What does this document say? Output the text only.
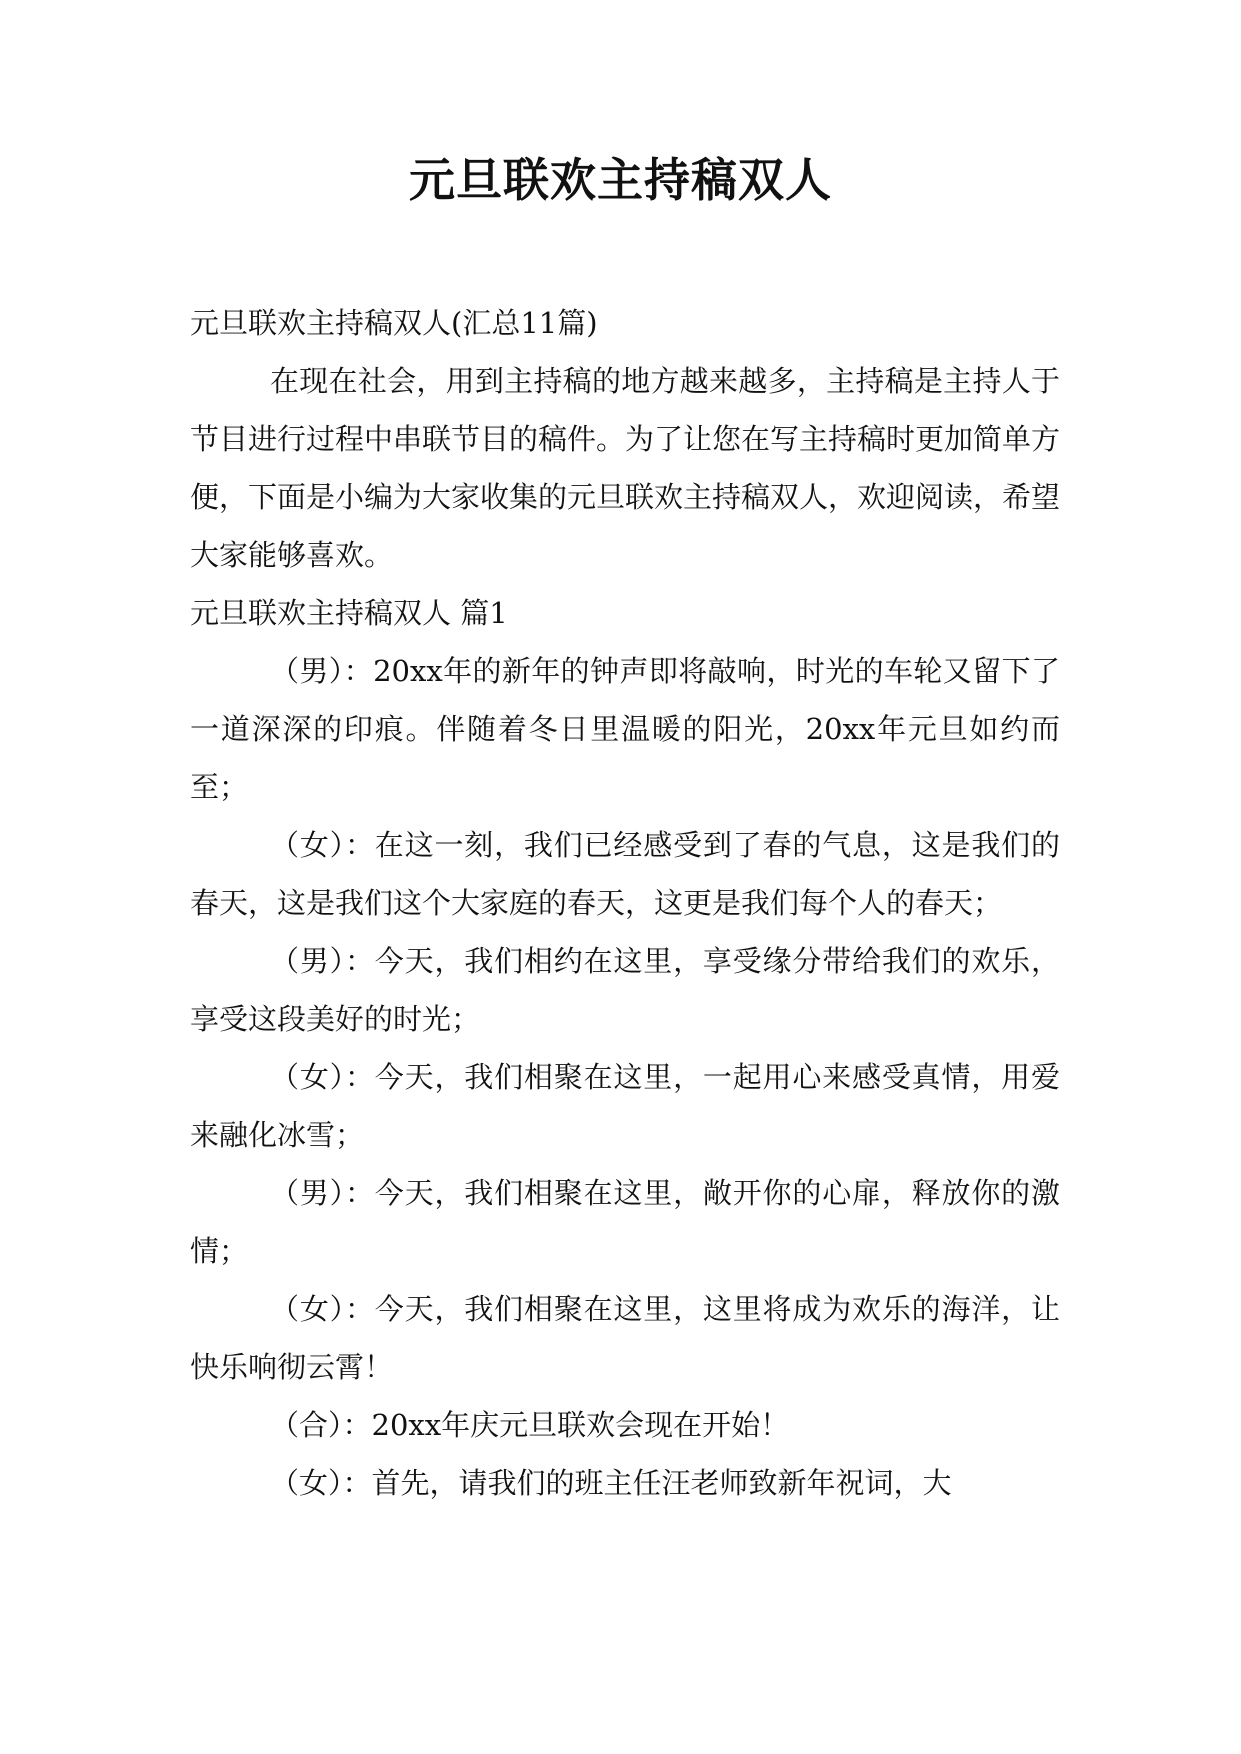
元旦联欢主持稿双人

元旦联欢主持稿双人(汇总11篇)

在现在社会，用到主持稿的地方越来越多，主持稿是主持人于节目进行过程中串联节目的稿件。为了让您在写主持稿时更加简单方便，下面是小编为大家收集的元旦联欢主持稿双人，欢迎阅读，希望大家能够喜欢。

元旦联欢主持稿双人 篇1

（男）：20xx年的新年的钟声即将敲响，时光的车轮又留下了一道深深的印痕。伴随着冬日里温暖的阳光，20xx年元旦如约而至；

（女）：在这一刻，我们已经感受到了春的气息，这是我们的春天，这是我们这个大家庭的春天，这更是我们每个人的春天；

（男）：今天，我们相约在这里，享受缘分带给我们的欢乐，享受这段美好的时光；

（女）：今天，我们相聚在这里，一起用心来感受真情，用爱来融化冰雪；

（男）：今天，我们相聚在这里，敞开你的心扉，释放你的激情；

（女）：今天，我们相聚在这里，这里将成为欢乐的海洋，让快乐响彻云霄！

（合）：20xx年庆元旦联欢会现在开始！

（女）：首先，请我们的班主任汪老师致新年祝词，大
